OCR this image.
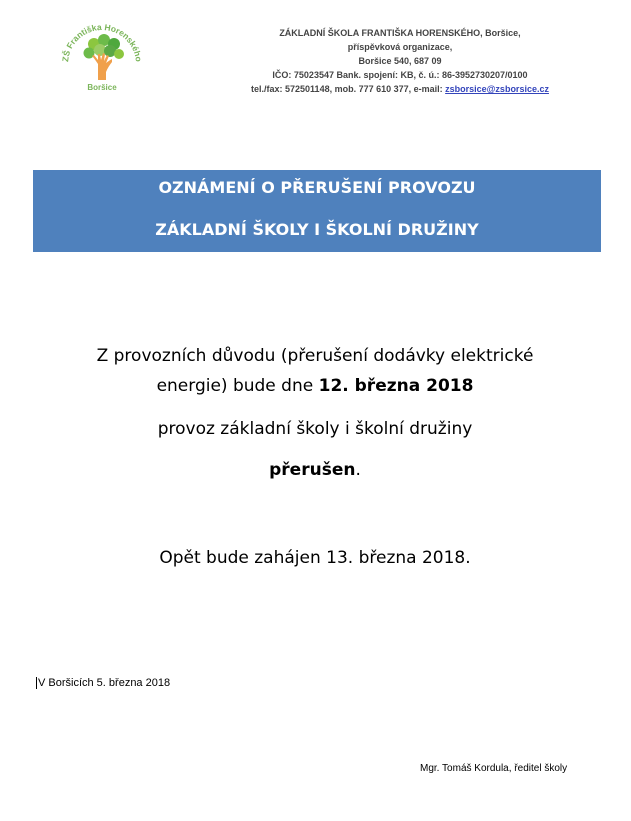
ZŠ Františka Horenského
Boršice
ZÁKLADNÍ ŠKOLA FRANTIŠKA HORENSKÉHO, Boršice,
příspěvková organizace,
Boršice 540, 687 09
IČO: 75023547 Bank. spojení: KB, č. ú.: 86-3952730207/0100
tel./fax: 572501148, mob. 777 610 377, e-mail: zsborsice@zsborsice.cz
OZNÁMENÍ O PŘERUŠENÍ PROVOZU
ZÁKLADNÍ ŠKOLY I ŠKOLNÍ DRUŽINY
Z provozních důvodu (přerušení dodávky elektrické
energie) bude dne 12. března 2018
provoz základní školy i školní družiny
přerušen.
Opět bude zahájen 13. března 2018.
V Boršicích 5. března 2018
Mgr. Tomáš Kordula, ředitel školy
